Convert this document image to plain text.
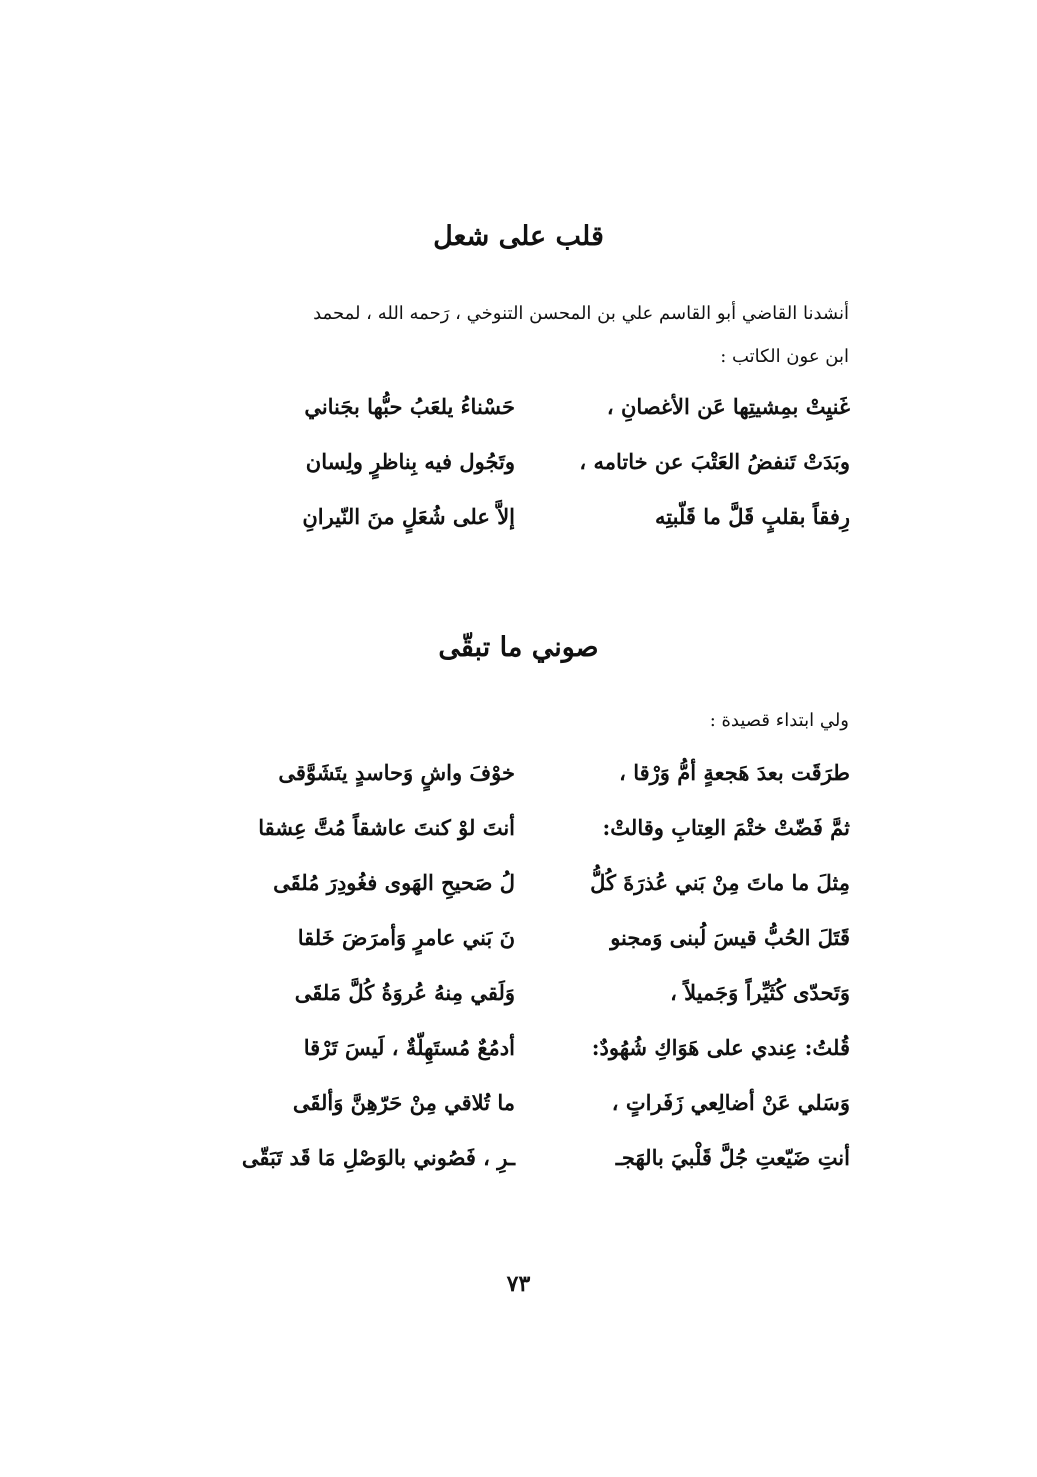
قلب على شعل
أنشدنا القاضي أبو القاسم علي بن المحسن التنوخي ، رَحمه الله ، لمحمد
ابن عون الكاتب :
غَنيِتْ بمِشيتِها عَن الأغصانِ ،
حَسْناءُ يلعَبُ حبُّها بجَناني
وبَدَتْ تَنفضُ العَتْبَ عن خاتامه ،
وتَجُول فيه بِناظرٍ ولِسان
رِفقاً بقلبٍ قَلَّ ما قَلّبتِه
إلاَّ على شُعَلٍ منَ النّيرانِ
صوني ما تبقّى
ولي ابتداء قصيدة :
طرَقَت بعدَ هَجعةٍ أمُّ وَرْقا ،
خوْفَ واشٍ وَحاسدٍ يتَشَوَّقى
ثمَّ فَضّتْ ختْمَ العِتابِ وقالتْ:
أنتَ لوْ كنتَ عاشقاً مُتَّ عِشقا
مِثلَ ما ماتَ مِنْ بَني عُذرَةَ كُلُّ
لُ صَحيحِ الهَوى فغُودِرَ مُلقَى
قَتَلَ الحُبُّ قيسَ لُبنى وَمجنو
نَ بَني عامرٍ وَأمرَضَ خَلقا
وَتَحدّى كُثَيِّراً وَجَميلاً ،
وَلَقي مِنهُ عُروَةُ كُلَّ مَلقَى
قُلتُ: عِندي على هَوَاكِ شُهُودٌ:
أدمُعٌ مُستَهِلّةٌ ، لَيسَ تَرْقا
وَسَلي عَنْ أضالِعي زَفَراتٍ ،
ما تُلاقي مِنْ حَرّهِنَّ وَألقَى
أنتِ ضَيّعتِ جُلَّ قَلْبيَ بالهَجـ
ـرِ ، فَصُوني بالوَصْلِ مَا قَد تَبَقّى
٧٣
